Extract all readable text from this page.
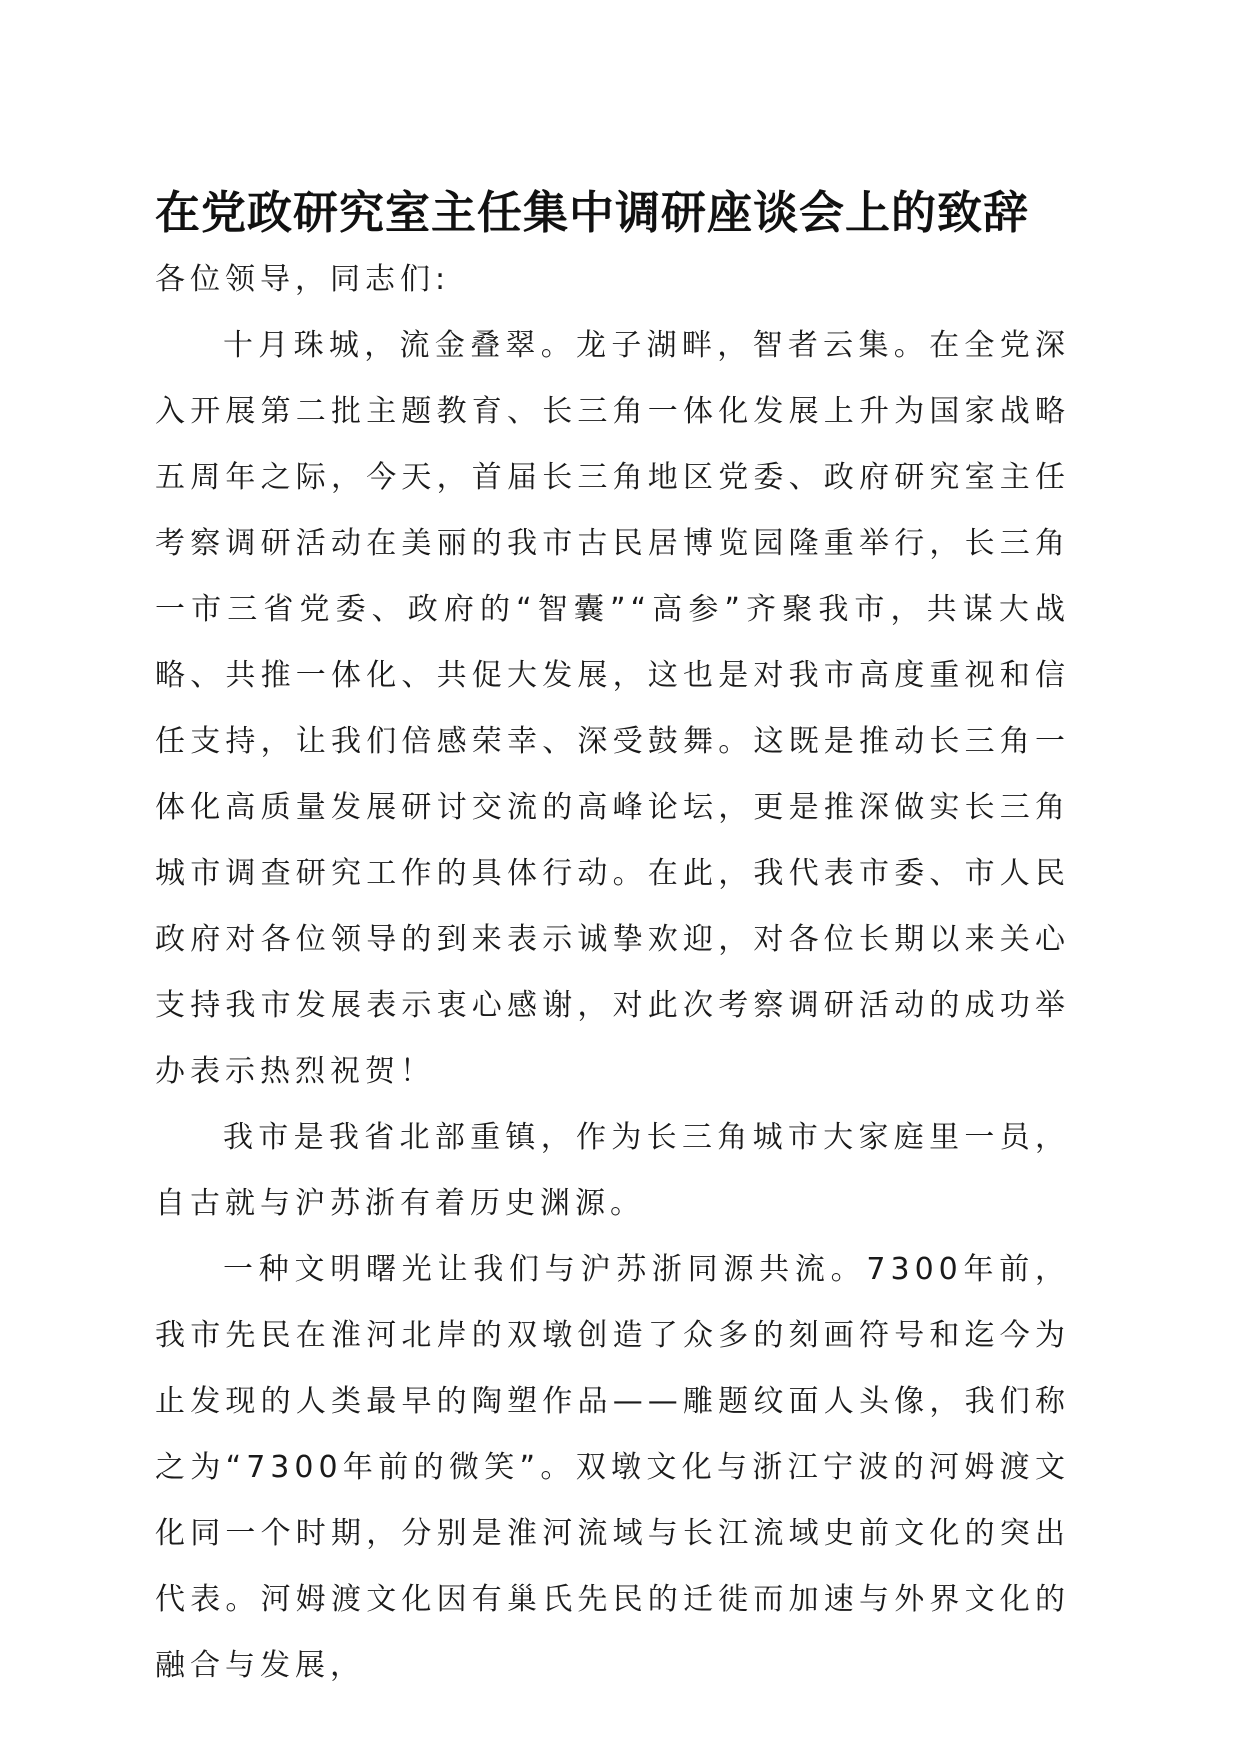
在党政研究室主任集中调研座谈会上的致辞

各位领导，同志们:

十月珠城，流金叠翠。龙子湖畔，智者云集。在全党深入开展第二批主题教育、长三角一体化发展上升为国家战略五周年之际，今天，首届长三角地区党委、政府研究室主任考察调研活动在美丽的我市古民居博览园隆重举行，长三角一市三省党委、政府的“智囊”“高参”齐聚我市，共谋大战略、共推一体化、共促大发展，这也是对我市高度重视和信任支持，让我们倍感荣幸、深受鼓舞。这既是推动长三角一体化高质量发展研讨交流的高峰论坛，更是推深做实长三角城市调查研究工作的具体行动。在此，我代表市委、市人民政府对各位领导的到来表示诚挚欢迎，对各位长期以来关心支持我市发展表示衷心感谢，对此次考察调研活动的成功举办表示热烈祝贺！

我市是我省北部重镇，作为长三角城市大家庭里一员，自古就与沪苏浙有着历史渊源。

一种文明曙光让我们与沪苏浙同源共流。7300年前，我市先民在淮河北岸的双墩创造了众多的刻画符号和迄今为止发现的人类最早的陶塑作品——雕题纹面人头像，我们称之为“7300年前的微笑”。双墩文化与浙江宁波的河姆渡文化同一个时期，分别是淮河流域与长江流域史前文化的突出代表。河姆渡文化因有巢氏先民的迁徙而加速与外界文化的融合与发展，
